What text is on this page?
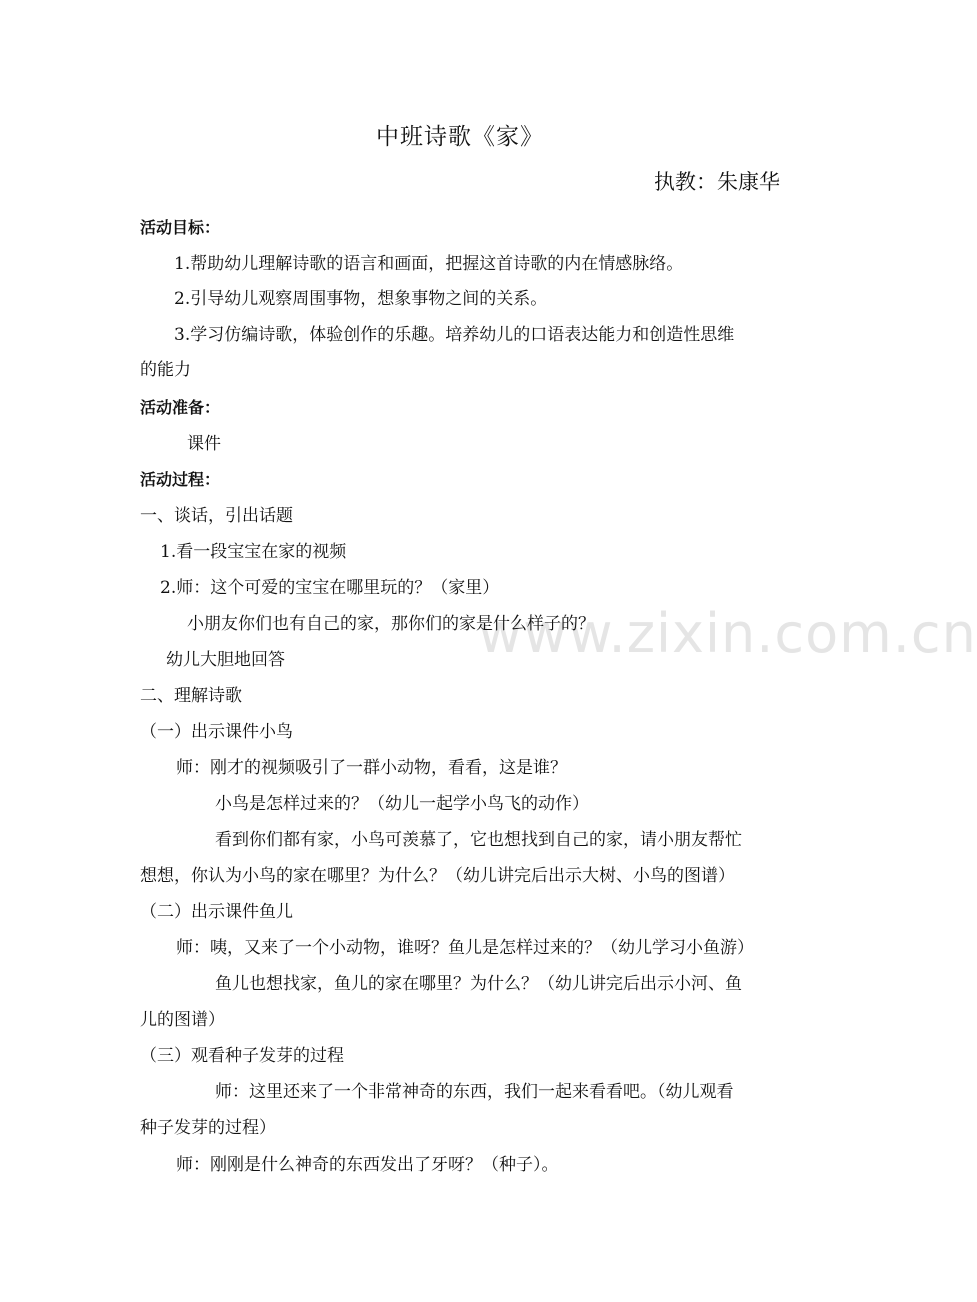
www.zixin.com.cn
中班诗歌《家》
执教：朱康华
活动目标：
1.帮助幼儿理解诗歌的语言和画面，把握这首诗歌的内在情感脉络。
2.引导幼儿观察周围事物，想象事物之间的关系。
3.学习仿编诗歌，体验创作的乐趣。培养幼儿的口语表达能力和创造性思维
的能力
活动准备：
课件
活动过程：
一、谈话，引出话题
1.看一段宝宝在家的视频
2.师：这个可爱的宝宝在哪里玩的？（家里）
小朋友你们也有自己的家，那你们的家是什么样子的？
幼儿大胆地回答
二、理解诗歌
（一）出示课件小鸟
师：刚才的视频吸引了一群小动物，看看，这是谁？
小鸟是怎样过来的？（幼儿一起学小鸟飞的动作）
看到你们都有家，小鸟可羡慕了，它也想找到自己的家，请小朋友帮忙
想想，你认为小鸟的家在哪里？为什么？（幼儿讲完后出示大树、小鸟的图谱）
（二）出示课件鱼儿
师：咦，又来了一个小动物，谁呀？鱼儿是怎样过来的？（幼儿学习小鱼游）
鱼儿也想找家，鱼儿的家在哪里？为什么？（幼儿讲完后出示小河、鱼
儿的图谱）
（三）观看种子发芽的过程
师：这里还来了一个非常神奇的东西，我们一起来看看吧。（幼儿观看
种子发芽的过程）
师：刚刚是什么神奇的东西发出了牙呀？（种子）。
